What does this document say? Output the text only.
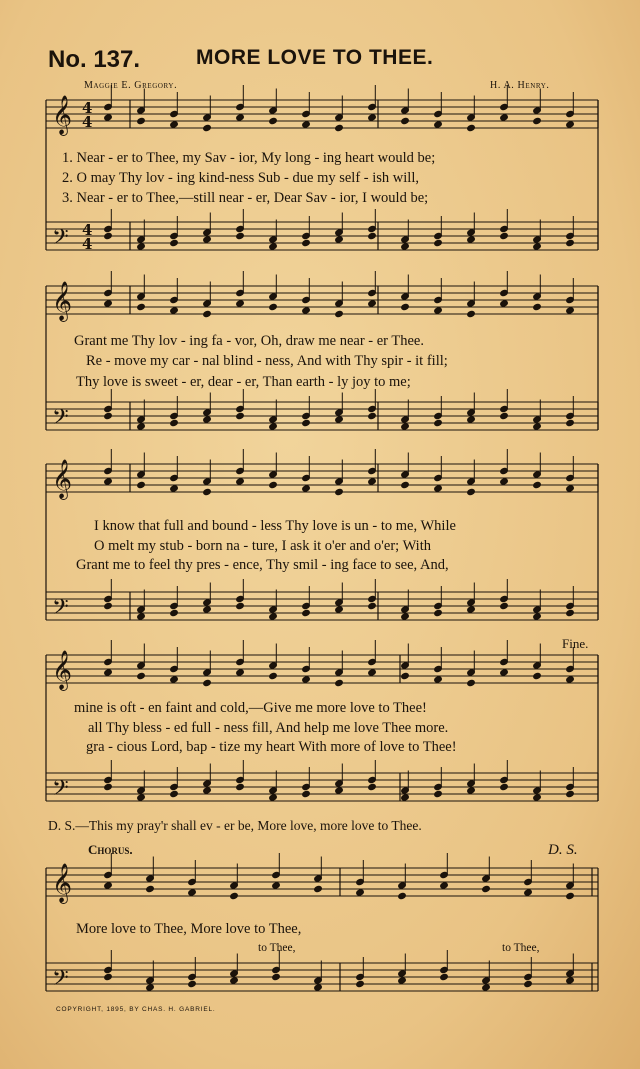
No. 137.	MORE LOVE TO THEE.
Maggie E. Gregory.	H. A. Henry.
𝄞
𝄢
𝄞
𝄢
𝄞
𝄢
𝄞
𝄢
𝄞
𝄢
4
4
4
4
1. Near - er to Thee, my Sav - ior, My long - ing heart would be;
2. O may Thy lov - ing kind-ness Sub - due my self - ish will,
3. Near - er to Thee,—still near - er, Dear Sav - ior, I would be;
Grant me Thy lov - ing fa - vor, Oh, draw me near - er Thee.
Re - move my car - nal blind - ness, And with Thy spir - it fill;
Thy love is sweet - er, dear - er, Than earth - ly joy to me;
I know that full and bound - less Thy love is un - to me, While
O melt my stub - born na - ture, I ask it o'er and o'er; With
Grant me to feel thy pres - ence, Thy smil - ing face to see, And,
Fine.
mine is oft - en faint and cold,—Give me more love to Thee!
all Thy bless - ed full - ness fill, And help me love Thee more.
gra - cious Lord, bap - tize my heart With more of love to Thee!
D. S.—This my pray'r shall ev - er be, More love, more love to Thee.
Chorus.	D. S.
More love to Thee, More love to Thee,
to Thee,	to Thee,
COPYRIGHT, 1895, BY CHAS. H. GABRIEL.
